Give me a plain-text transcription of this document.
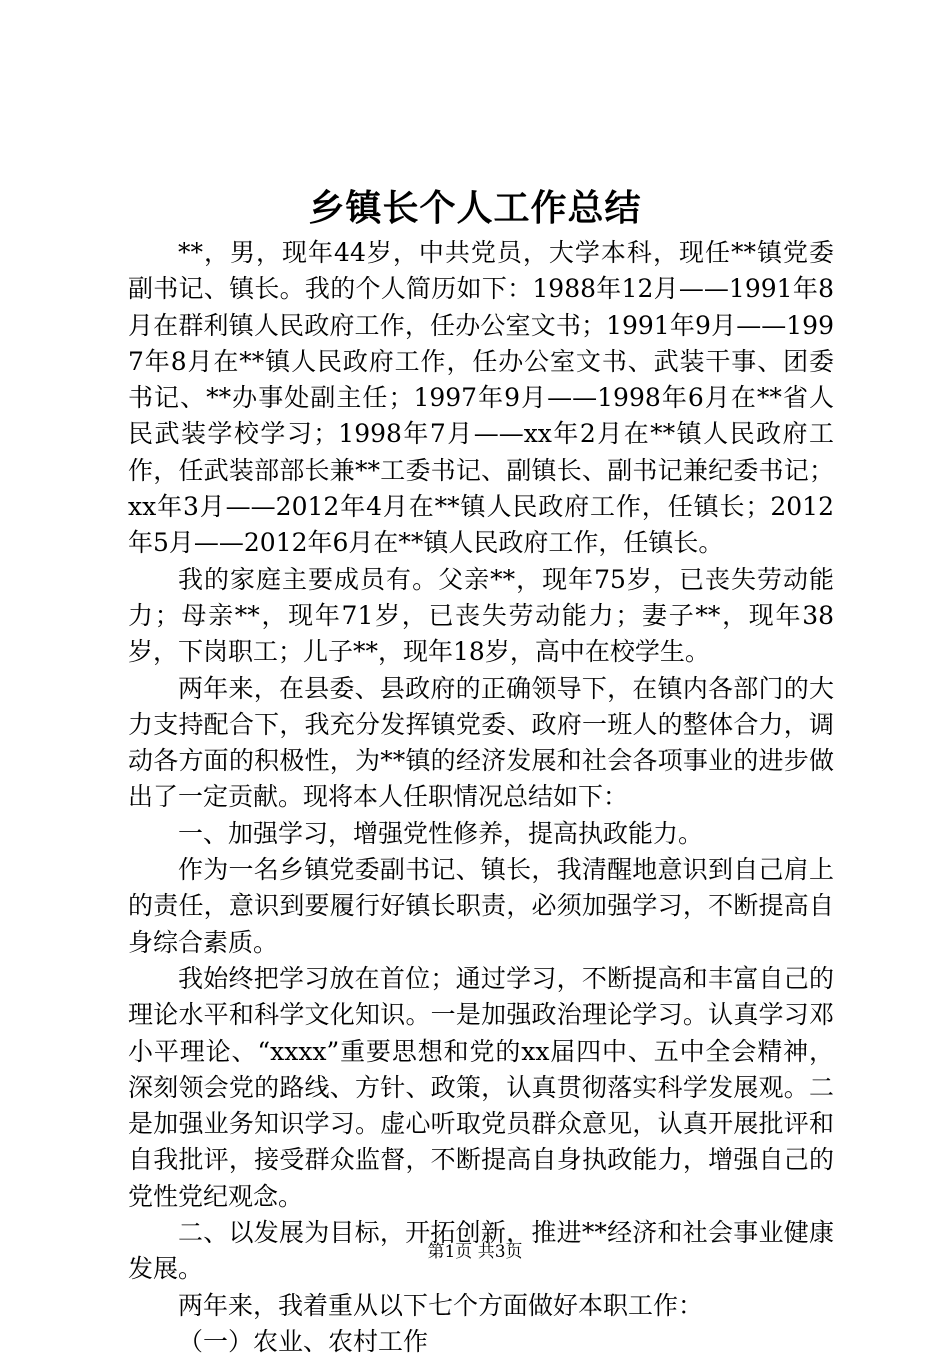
乡镇长个人工作总结

**，男，现年44岁，中共党员，大学本科，现任**镇党委副书记、镇长。我的个人简历如下：1988年12月——1991年8月在群利镇人民政府工作，任办公室文书；1991年9月——1997年8月在**镇人民政府工作，任办公室文书、武装干事、团委书记、**办事处副主任；1997年9月——1998年6月在**省人民武装学校学习；1998年7月——xx年2月在**镇人民政府工作，任武装部部长兼**工委书记、副镇长、副书记兼纪委书记；xx年3月——2012年4月在**镇人民政府工作，任镇长；2012年5月——2012年6月在**镇人民政府工作，任镇长。

我的家庭主要成员有。父亲**，现年75岁，已丧失劳动能力；母亲**，现年71岁，已丧失劳动能力；妻子**，现年38岁，下岗职工；儿子**，现年18岁，高中在校学生。

两年来，在县委、县政府的正确领导下，在镇内各部门的大力支持配合下，我充分发挥镇党委、政府一班人的整体合力，调动各方面的积极性，为**镇的经济发展和社会各项事业的进步做出了一定贡献。现将本人任职情况总结如下：

一、加强学习，增强党性修养，提高执政能力。

作为一名乡镇党委副书记、镇长，我清醒地意识到自己肩上的责任，意识到要履行好镇长职责，必须加强学习，不断提高自身综合素质。

我始终把学习放在首位；通过学习，不断提高和丰富自己的理论水平和科学文化知识。一是加强政治理论学习。认真学习邓小平理论、“xxxx”重要思想和党的xx届四中、五中全会精神，深刻领会党的路线、方针、政策，认真贯彻落实科学发展观。二是加强业务知识学习。虚心听取党员群众意见，认真开展批评和自我批评，接受群众监督，不断提高自身执政能力，增强自己的党性党纪观念。

二、以发展为目标，开拓创新，推进**经济和社会事业健康发展。

两年来，我着重从以下七个方面做好本职工作：

（一）农业、农村工作

第1页 共3页
